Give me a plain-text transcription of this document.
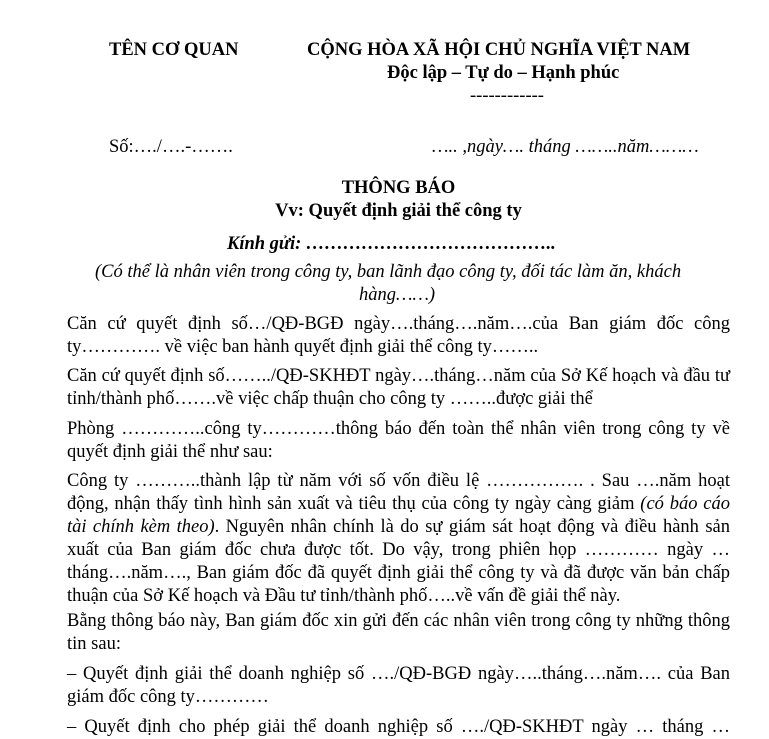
TÊN CƠ QUAN	CỘNG HÒA XÃ HỘI CHỦ NGHĨA VIỆT NAM
Độc lập – Tự do – Hạnh phúc
------------
Số:…./….-…….	….. ,ngày…. tháng ……..năm………
THÔNG BÁO
Vv: Quyết định giải thể công ty
Kính gửi: …………………………………..
(Có thể là nhân viên trong công ty, ban lãnh đạo công ty, đối tác làm ăn, khách
hàng……)
Căn cứ quyết định số…/QĐ-BGĐ ngày….tháng….năm….của Ban giám đốc công ty…………. về việc ban hành quyết định giải thể công ty……..
Căn cứ quyết định số……../QĐ-SKHĐT ngày….tháng…năm của Sở Kế hoạch và đầu tư tỉnh/thành phố…….về việc chấp thuận cho công ty ……..được giải thể
Phòng …………..công ty…………thông báo đến toàn thể nhân viên trong công ty về quyết định giải thể như sau:
Công ty ………..thành lập từ năm với số vốn điều lệ ……………. . Sau ….năm hoạt động, nhận thấy tình hình sản xuất và tiêu thụ của công ty ngày càng giảm (có báo cáo tài chính kèm theo). Nguyên nhân chính là do sự giám sát hoạt động và điều hành sản xuất của Ban giám đốc chưa được tốt. Do vậy, trong phiên họp ………… ngày …tháng….năm…., Ban giám đốc đã quyết định giải thể công ty và đã được văn bản chấp thuận của Sở Kế hoạch và Đầu tư tỉnh/thành phố…..về vấn đề giải thể này.
Bằng thông báo này, Ban giám đốc xin gửi đến các nhân viên trong công ty những thông tin sau:
– Quyết định giải thể doanh nghiệp số …./QĐ-BGĐ ngày…..tháng….năm…. của Ban giám đốc công ty…………
– Quyết định cho phép giải thể doanh nghiệp số …./QĐ-SKHĐT ngày … tháng …
